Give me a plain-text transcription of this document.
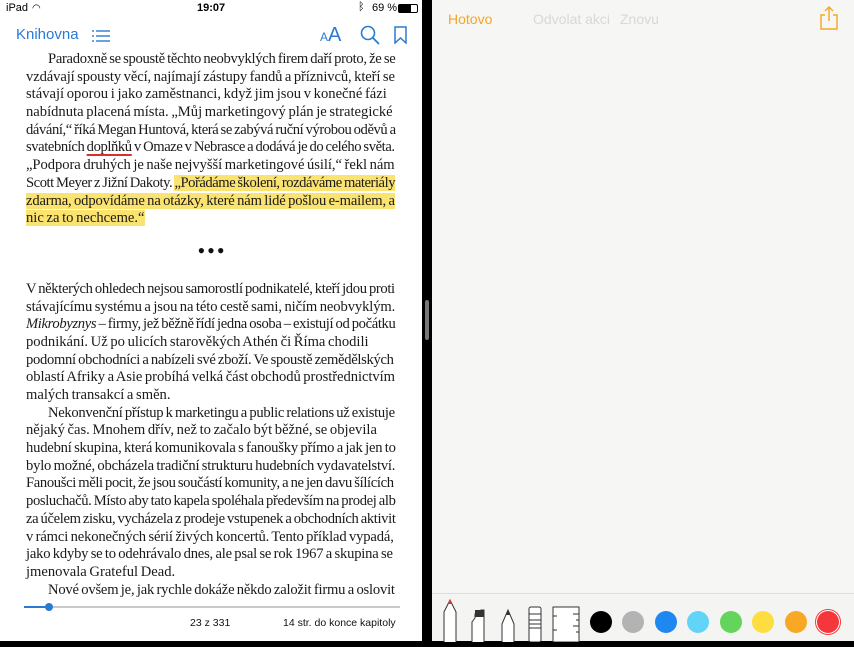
iPad ◠	19:07	ᛒ 69 %
Knihovna	AA
Paradoxně se spoustě těchto neobvyklých firem daří proto, že se
vzdávají spousty věcí, najímají zástupy fandů a příznivců, kteří se
stávají oporou i jako zaměstnanci, když jim jsou v konečné fázi
nabídnuta placená místa. „Můj marketingový plán je strategické
dávání,“ říká Megan Huntová, která se zabývá ruční výrobou oděvů a
svatebních doplňků v Omaze v Nebrasce a dodává je do celého světa.
„Podpora druhých je naše nejvyšší marketingové úsilí,“ řekl nám
Scott Meyer z Jižní Dakoty. „Pořádáme školení, rozdáváme materiály
zdarma, odpovídáme na otázky, které nám lidé pošlou e-mailem, a
nic za to nechceme.“
•••
V některých ohledech nejsou samorostlí podnikatelé, kteří jdou proti
stávajícímu systému a jsou na této cestě sami, ničím neobvyklým.
Mikrobyznys – firmy, jež běžně řídí jedna osoba – existují od počátku
podnikání. Už po ulicích starověkých Athén či Říma chodili
podomní obchodníci a nabízeli své zboží. Ve spoustě zemědělských
oblastí Afriky a Asie probíhá velká část obchodů prostřednictvím
malých transakcí a směn.
Nekonvenční přístup k marketingu a public relations už existuje
nějaký čas. Mnohem dřív, než to začalo být běžné, se objevila
hudební skupina, která komunikovala s fanoušky přímo a jak jen to
bylo možné, obcházela tradiční strukturu hudebních vydavatelství.
Fanoušci měli pocit, že jsou součástí komunity, a ne jen davu šílících
posluchačů. Místo aby tato kapela spoléhala především na prodej alb
za účelem zisku, vycházela z prodeje vstupenek a obchodních aktivit
v rámci nekonečných sérií živých koncertů. Tento příklad vypadá,
jako kdyby se to odehrávalo dnes, ale psal se rok 1967 a skupina se
jmenovala Grateful Dead.
Nové ovšem je, jak rychle dokáže někdo založit firmu a oslovit
23 z 331	14 str. do konce kapitoly
Hotovo	Odvolat akci Znovu
